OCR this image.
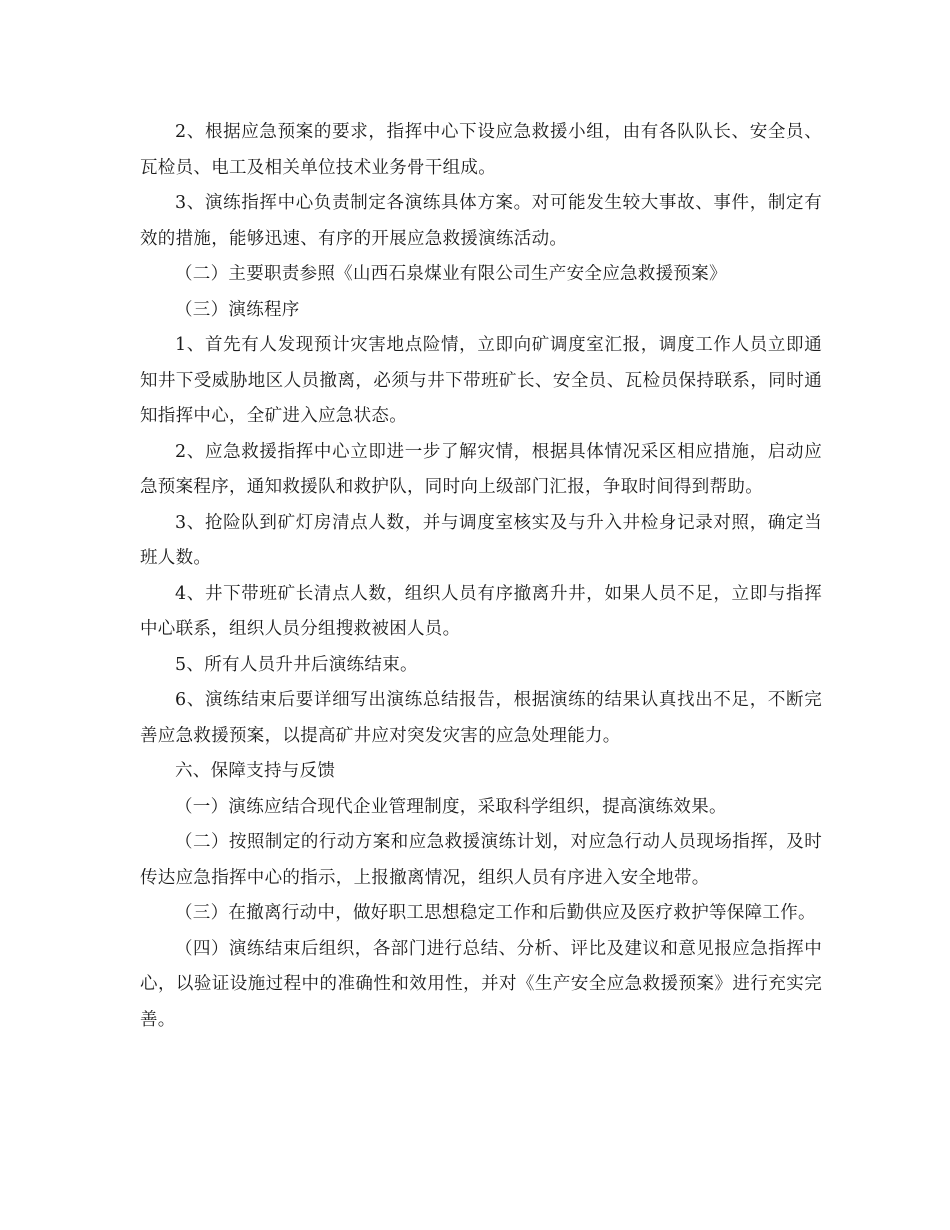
2、根据应急预案的要求，指挥中心下设应急救援小组，由有各队队长、安全员、瓦检员、电工及相关单位技术业务骨干组成。

3、演练指挥中心负责制定各演练具体方案。对可能发生较大事故、事件，制定有效的措施，能够迅速、有序的开展应急救援演练活动。

（二）主要职责参照《山西石泉煤业有限公司生产安全应急救援预案》

（三）演练程序

1、首先有人发现预计灾害地点险情，立即向矿调度室汇报，调度工作人员立即通知井下受威胁地区人员撤离，必须与井下带班矿长、安全员、瓦检员保持联系，同时通知指挥中心，全矿进入应急状态。

2、应急救援指挥中心立即进一步了解灾情，根据具体情况采区相应措施，启动应急预案程序，通知救援队和救护队，同时向上级部门汇报，争取时间得到帮助。

3、抢险队到矿灯房清点人数，并与调度室核实及与升入井检身记录对照，确定当班人数。

4、井下带班矿长清点人数，组织人员有序撤离升井，如果人员不足，立即与指挥中心联系，组织人员分组搜救被困人员。

5、所有人员升井后演练结束。

6、演练结束后要详细写出演练总结报告，根据演练的结果认真找出不足，不断完善应急救援预案，以提高矿井应对突发灾害的应急处理能力。

六、保障支持与反馈

（一）演练应结合现代企业管理制度，采取科学组织，提高演练效果。

（二）按照制定的行动方案和应急救援演练计划，对应急行动人员现场指挥，及时传达应急指挥中心的指示，上报撤离情况，组织人员有序进入安全地带。

（三）在撤离行动中，做好职工思想稳定工作和后勤供应及医疗救护等保障工作。

（四）演练结束后组织，各部门进行总结、分析、评比及建议和意见报应急指挥中心，以验证设施过程中的准确性和效用性，并对《生产安全应急救援预案》进行充实完善。
